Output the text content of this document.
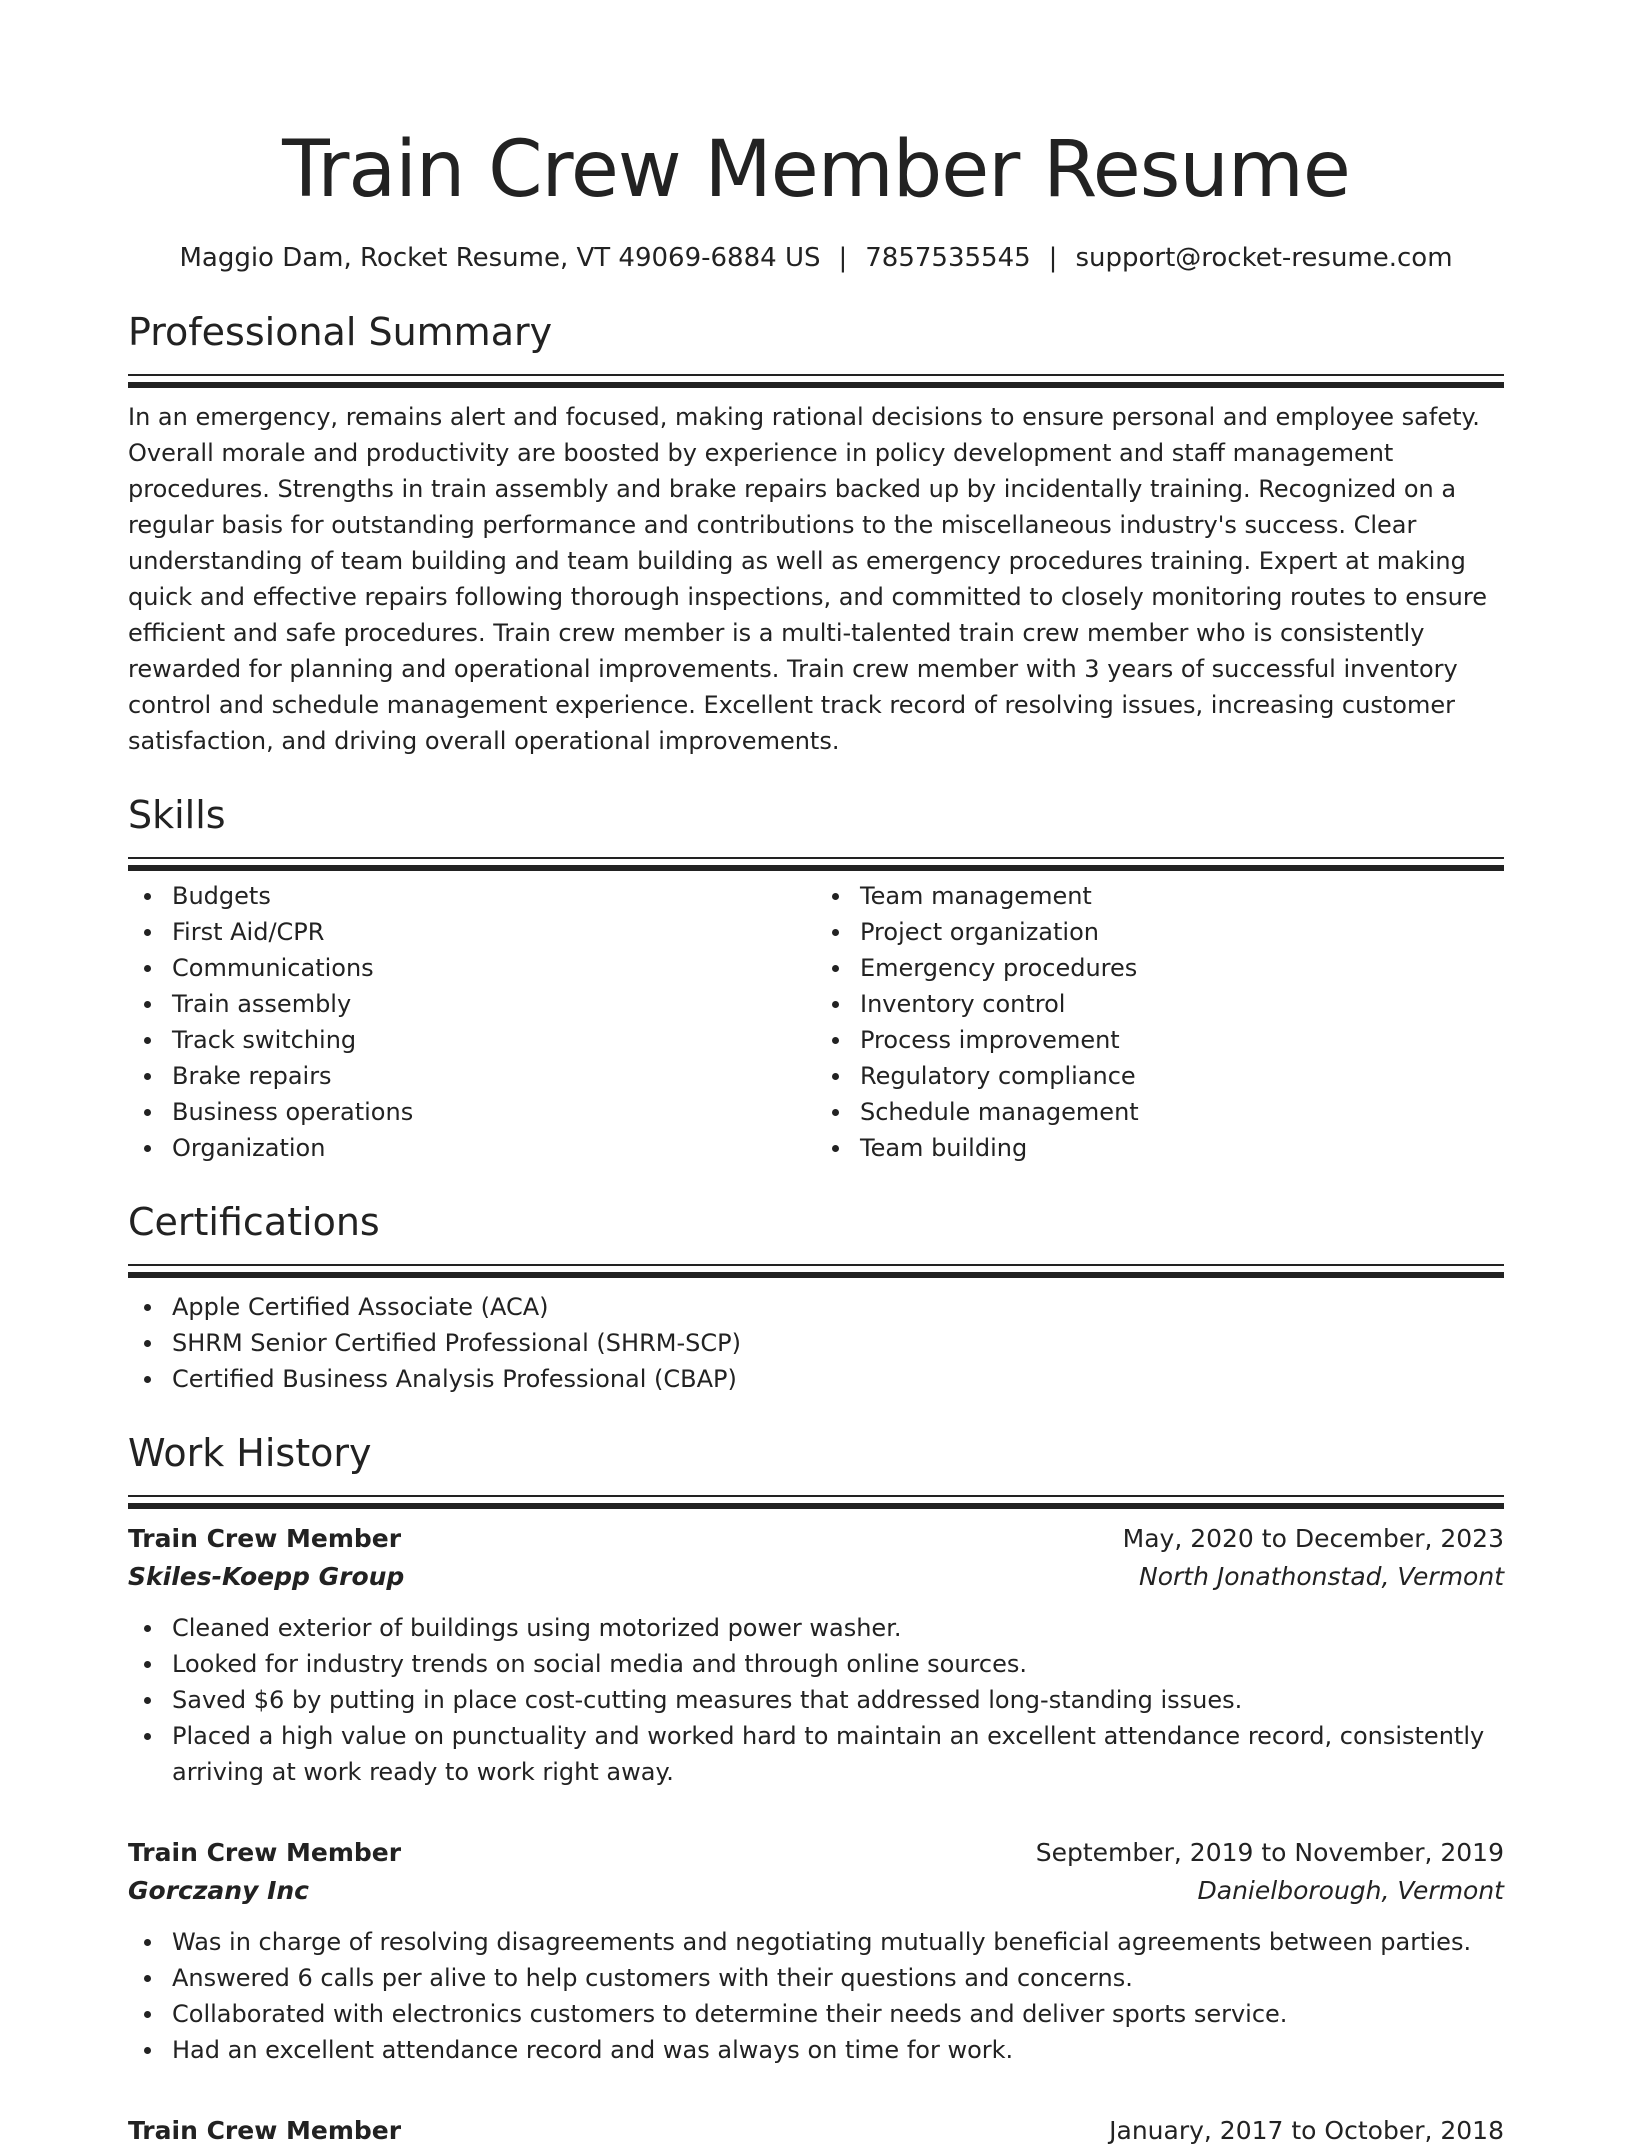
Train Crew Member Resume
Maggio Dam, Rocket Resume, VT 49069-6884 US | 7857535545 | support@rocket-resume.com
Professional Summary

In an emergency, remains alert and focused, making rational decisions to ensure personal and employee safety. Overall morale and productivity are boosted by experience in policy development and staff management procedures. Strengths in train assembly and brake repairs backed up by incidentally training. Recognized on a regular basis for outstanding performance and contributions to the miscellaneous industry's success. Clear understanding of team building and team building as well as emergency procedures training. Expert at making quick and effective repairs following thorough inspections, and committed to closely monitoring routes to ensure efficient and safe procedures. Train crew member is a multi-talented train crew member who is consistently rewarded for planning and operational improvements. Train crew member with 3 years of successful inventory control and schedule management experience. Excellent track record of resolving issues, increasing customer satisfaction, and driving overall operational improvements.

Skills
Budgets
First Aid/CPR
Communications
Train assembly
Track switching
Brake repairs
Business operations
Organization
Team management
Project organization
Emergency procedures
Inventory control
Process improvement
Regulatory compliance
Schedule management
Team building
Certifications
Apple Certified Associate (ACA)
SHRM Senior Certified Professional (SHRM-SCP)
Certified Business Analysis Professional (CBAP)
Work History
Train Crew Member	May, 2020 to December, 2023
Skiles-Koepp Group	North Jonathonstad, Vermont
Cleaned exterior of buildings using motorized power washer.
Looked for industry trends on social media and through online sources.
Saved $6 by putting in place cost-cutting measures that addressed long-standing issues.
Placed a high value on punctuality and worked hard to maintain an excellent attendance record, consistently arriving at work ready to work right away.
Train Crew Member	September, 2019 to November, 2019
Gorczany Inc	Danielborough, Vermont
Was in charge of resolving disagreements and negotiating mutually beneficial agreements between parties.
Answered 6 calls per alive to help customers with their questions and concerns.
Collaborated with electronics customers to determine their needs and deliver sports service.
Had an excellent attendance record and was always on time for work.
Train Crew Member	January, 2017 to October, 2018
